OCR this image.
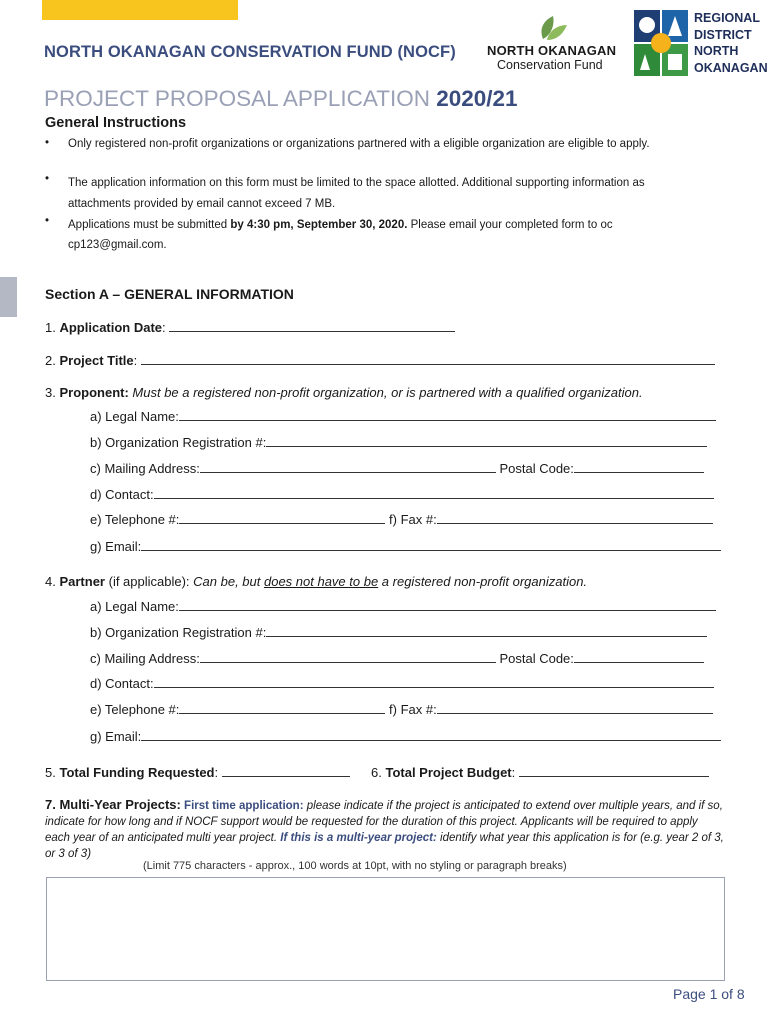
NORTH OKANAGAN CONSERVATION FUND (NOCF) NORTH OKANAGAN
Conservation Fund
REGIONAL
DISTRICT
NORTH
OKANAGAN
PROJECT PROPOSAL APPLICATION 2020/21
General Instructions
• Only registered non-profit organizations or organizations partnered with a eligible organization are eligible to apply.
• The application information on this form must be limited to the space allotted. Additional supporting information as attachments provided by email cannot exceed 7 MB.
• Applications must be submitted by 4:30 pm, September 30, 2020. Please email your completed form to oc cp123@gmail.com.
Section A – GENERAL INFORMATION
1. Application Date:
2. Project Title:
3. Proponent: Must be a registered non-profit organization, or is partnered with a qualified organization.
a) Legal Name:
b) Organization Registration #:
c) Mailing Address:	Postal Code:
d) Contact:
e) Telephone #:	f) Fax #:
g) Email:
4. Partner (if applicable): Can be, but does not have to be a registered non-profit organization.
a) Legal Name:
b) Organization Registration #:
c) Mailing Address:	Postal Code:
d) Contact:
e) Telephone #:	f) Fax #:
g) Email:
5. Total Funding Requested:	6. Total Project Budget:
7. Multi-Year Projects: First time application: please indicate if the project is anticipated to extend over multiple years, and if so, indicate for how long and if NOCF support would be requested for the duration of this project. Applicants will be required to apply each year of an anticipated multi year project. If this is a multi-year project: identify what year this application is for (e.g. year 2 of 3, or 3 of 3)
(Limit 775 characters - approx., 100 words at 10pt, with no styling or paragraph breaks)
Page 1 of 8
